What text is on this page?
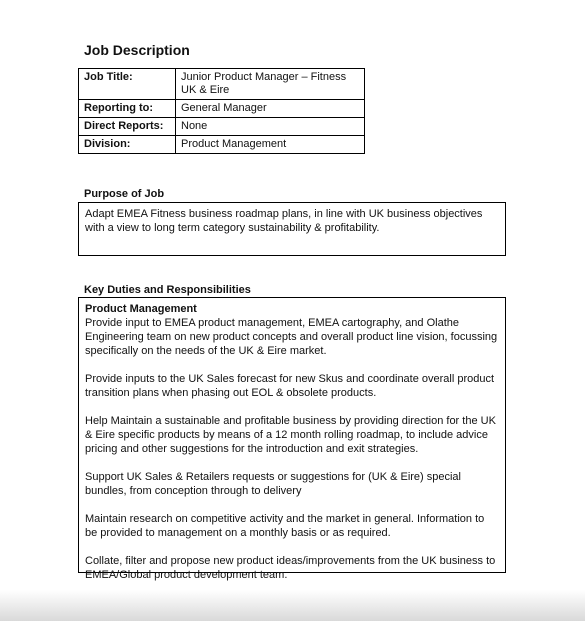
Job Description
Job Title:	Junior Product Manager – Fitness UK & Eire
Reporting to:	General Manager
Direct Reports:	None
Division:	Product Management
Purpose of Job
Adapt EMEA Fitness business roadmap plans, in line with UK business objectives with a view to long term category sustainability & profitability.
Key Duties and Responsibilities
Product Management

Provide input to EMEA product management, EMEA cartography, and Olathe Engineering team on new product concepts and overall product line vision, focussing specifically on the needs of the UK & Eire market.

Provide inputs to the UK Sales forecast for new Skus and coordinate overall product transition plans when phasing out EOL & obsolete products.

Help Maintain a sustainable and profitable business by providing direction for the UK & Eire specific products by means of a 12 month rolling roadmap, to include advice pricing and other suggestions for the introduction and exit strategies.

Support UK Sales & Retailers requests or suggestions for (UK & Eire) special bundles, from conception through to delivery

Maintain research on competitive activity and the market in general. Information to be provided to management on a monthly basis or as required.

Collate, filter and propose new product ideas/improvements from the UK business to EMEA/Global product development team.
